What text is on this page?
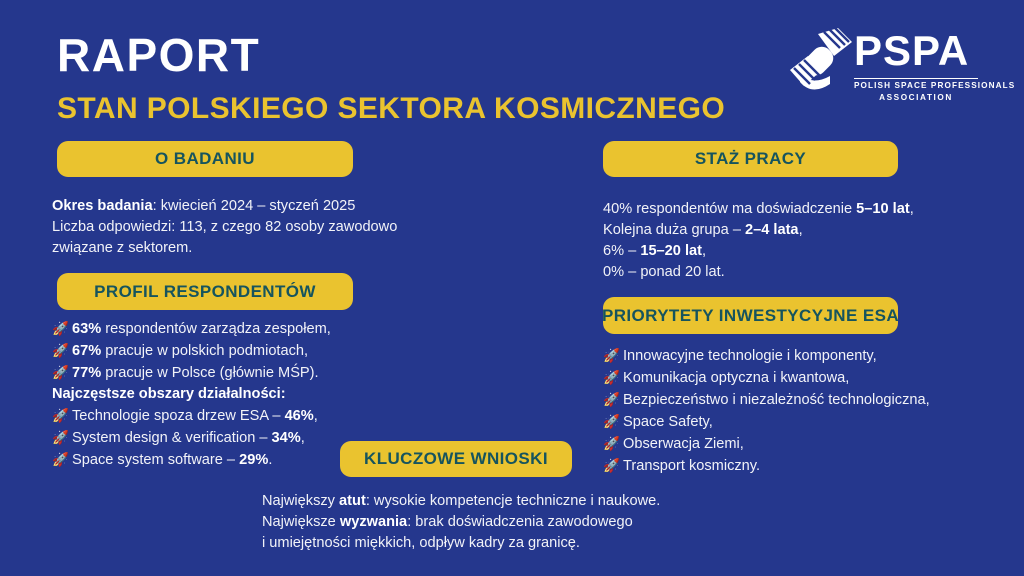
RAPORT
STAN POLSKIEGO SEKTORA KOSMICZNEGO
PSPA
POLISH SPACE PROFESSIONALS
ASSOCIATION
O BADANIU
Okres badania: kwiecień 2024 – styczeń 2025
Liczba odpowiedzi: 113, z czego 82 osoby zawodowo
związane z sektorem.
PROFIL RESPONDENTÓW
🚀 63% respondentów zarządza zespołem,
🚀 67% pracuje w polskich podmiotach,
🚀 77% pracuje w Polsce (głównie MŚP).
Najczęstsze obszary działalności:
🚀 Technologie spoza drzew ESA – 46%,
🚀 System design & verification – 34%,
🚀 Space system software – 29%.
STAŻ PRACY
40% respondentów ma doświadczenie 5–10 lat,
Kolejna duża grupa – 2–4 lata,
6% – 15–20 lat,
0% – ponad 20 lat.
PRIORYTETY INWESTYCYJNE ESA
🚀 Innowacyjne technologie i komponenty,
🚀 Komunikacja optyczna i kwantowa,
🚀 Bezpieczeństwo i niezależność technologiczna,
🚀 Space Safety,
🚀 Obserwacja Ziemi,
🚀 Transport kosmiczny.
KLUCZOWE WNIOSKI
Największy atut: wysokie kompetencje techniczne i naukowe.
Największe wyzwania: brak doświadczenia zawodowego
i umiejętności miękkich, odpływ kadry za granicę.
